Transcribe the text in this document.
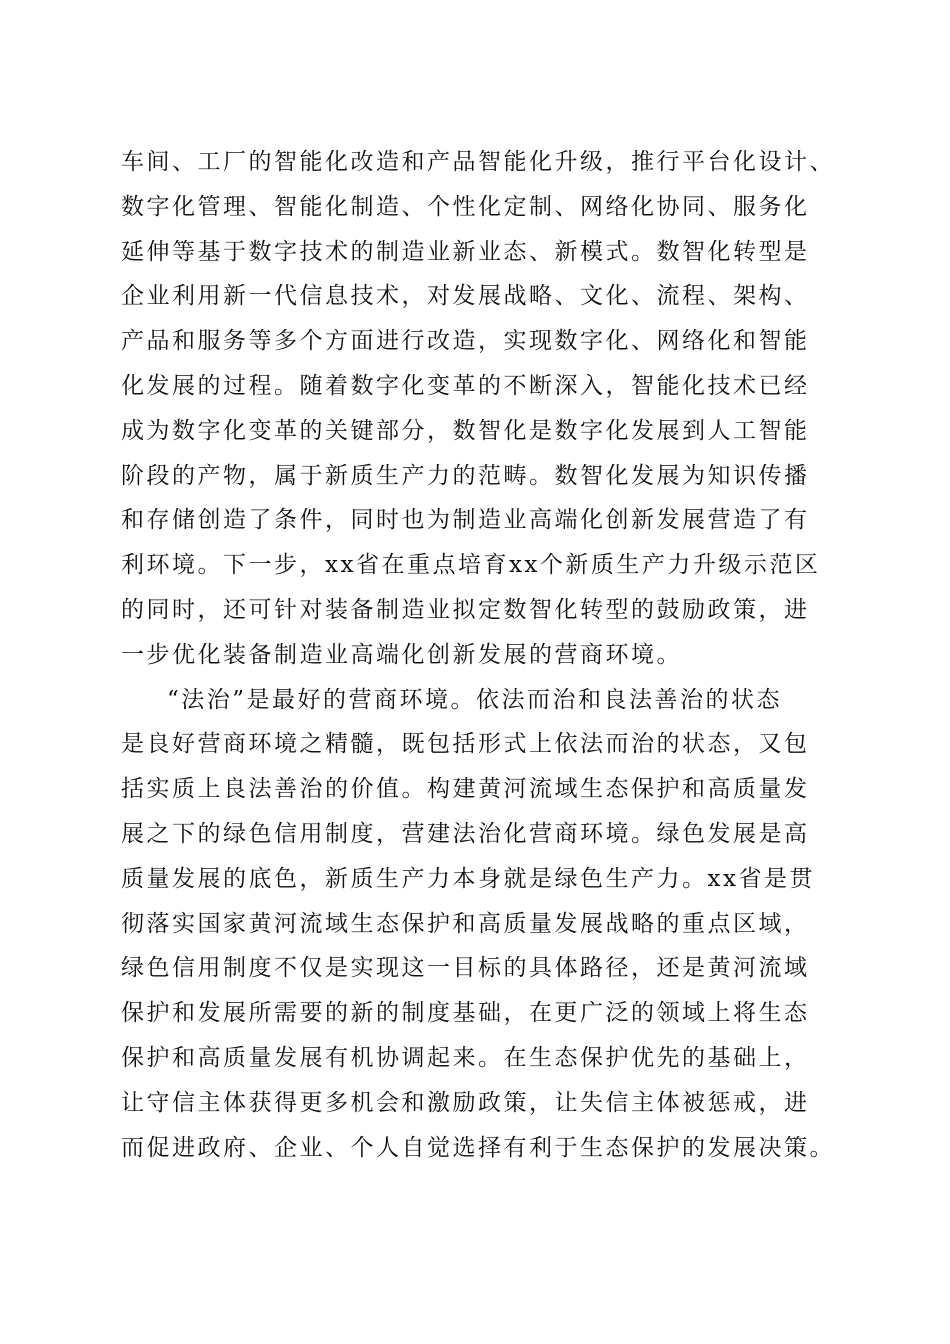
车间、工厂的智能化改造和产品智能化升级，推行平台化设计、
数字化管理、智能化制造、个性化定制、网络化协同、服务化
延伸等基于数字技术的制造业新业态、新模式。数智化转型是
企业利用新一代信息技术，对发展战略、文化、流程、架构、
产品和服务等多个方面进行改造，实现数字化、网络化和智能
化发展的过程。随着数字化变革的不断深入，智能化技术已经
成为数字化变革的关键部分，数智化是数字化发展到人工智能
阶段的产物，属于新质生产力的范畴。数智化发展为知识传播
和存储创造了条件，同时也为制造业高端化创新发展营造了有
利环境。下一步，xx省在重点培育xx个新质生产力升级示范区
的同时，还可针对装备制造业拟定数智化转型的鼓励政策，进
一步优化装备制造业高端化创新发展的营商环境。
“法治”是最好的营商环境。依法而治和良法善治的状态
是良好营商环境之精髓，既包括形式上依法而治的状态，又包
括实质上良法善治的价值。构建黄河流域生态保护和高质量发
展之下的绿色信用制度，营建法治化营商环境。绿色发展是高
质量发展的底色，新质生产力本身就是绿色生产力。xx省是贯
彻落实国家黄河流域生态保护和高质量发展战略的重点区域，
绿色信用制度不仅是实现这一目标的具体路径，还是黄河流域
保护和发展所需要的新的制度基础，在更广泛的领域上将生态
保护和高质量发展有机协调起来。在生态保护优先的基础上，
让守信主体获得更多机会和激励政策，让失信主体被惩戒，进
而促进政府、企业、个人自觉选择有利于生态保护的发展决策。
